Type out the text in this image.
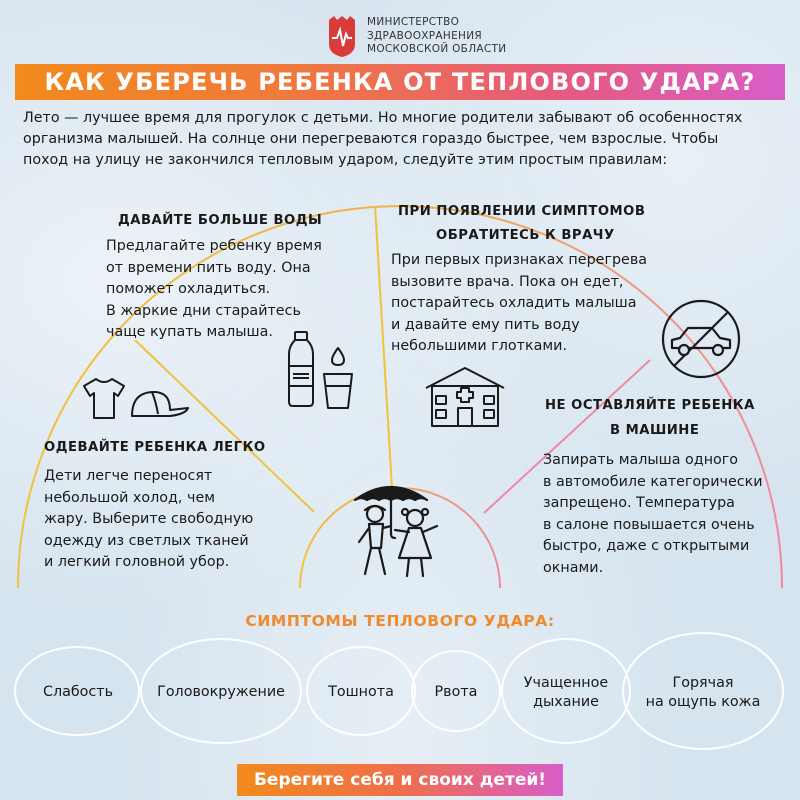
МИНИСТЕРСТВО
ЗДРАВООХРАНЕНИЯ
МОСКОВСКОЙ ОБЛАСТИ
КАК УБЕРЕЧЬ РЕБЕНКА ОТ ТЕПЛОВОГО УДАРА?
Лето — лучшее время для прогулок с детьми. Но многие родители забывают об особенностях
организма малышей. На солнце они перегреваются гораздо быстрее, чем взрослые. Чтобы
поход на улицу не закончился тепловым ударом, следуйте этим простым правилам:
ДАВАЙТЕ БОЛЬШЕ ВОДЫ
Предлагайте ребенку время
от времени пить воду. Она
поможет охладиться.
В жаркие дни старайтесь
чаще купать малыша.
ПРИ ПОЯВЛЕНИИ СИМПТОМОВ
ОБРАТИТЕСЬ К ВРАЧУ
При первых признаках перегрева
вызовите врача. Пока он едет,
постарайтесь охладить малыша
и давайте ему пить воду
небольшими глотками.
ОДЕВАЙТЕ РЕБЕНКА ЛЕГКО
Дети легче переносят
небольшой холод, чем
жару. Выберите свободную
одежду из светлых тканей
и легкий головной убор.
НЕ ОСТАВЛЯЙТЕ РЕБЕНКА
В МАШИНЕ
Запирать малыша одного
в автомобиле категорически
запрещено. Температура
в салоне повышается очень
быстро, даже с открытыми
окнами.
СИМПТОМЫ ТЕПЛОВОГО УДАРА:
Слабость	Головокружение	Тошнота	Рвота
Учащенное
дыхание
Горячая
на ощупь кожа
Берегите себя и своих детей!
